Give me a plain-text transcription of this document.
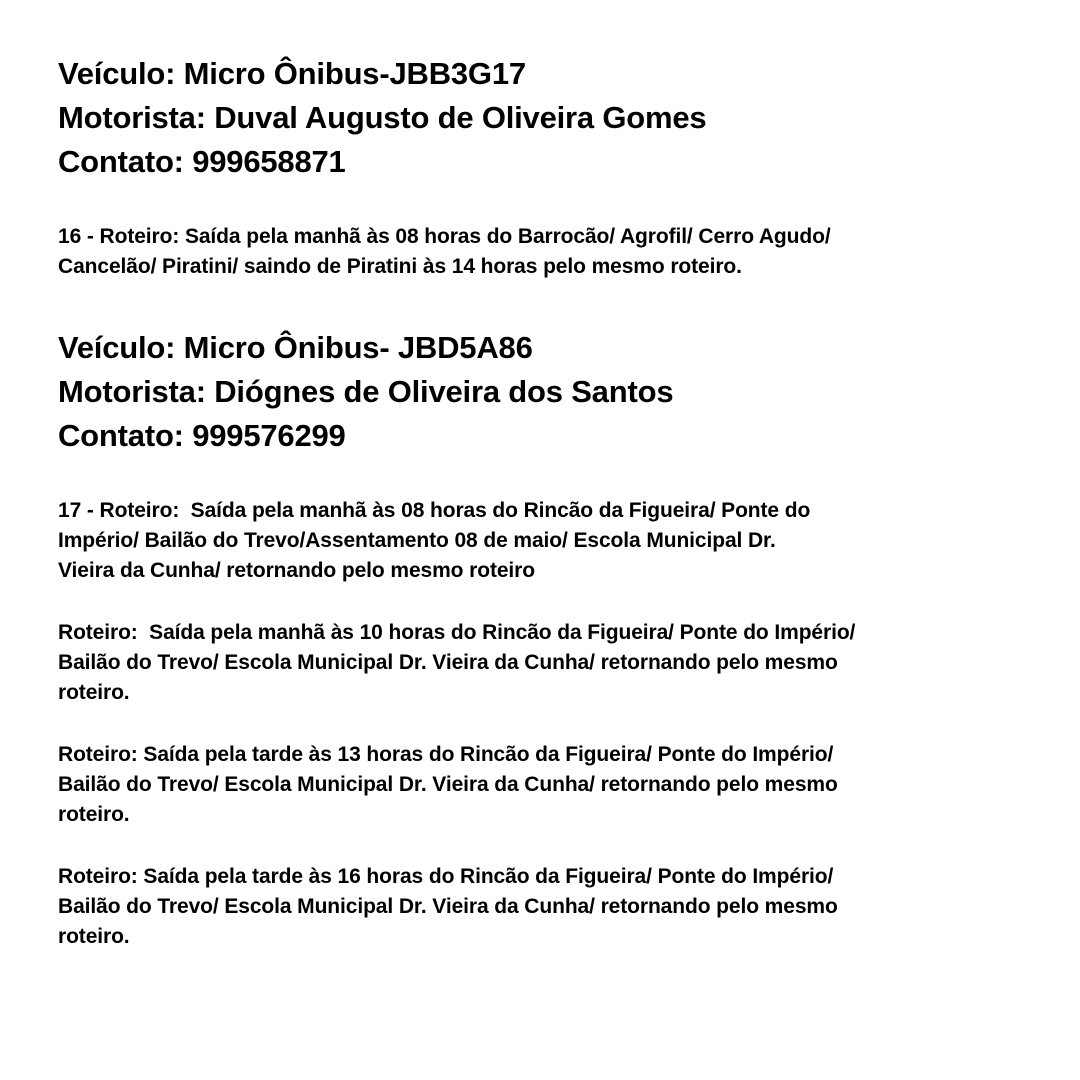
Veículo: Micro Ônibus-JBB3G17
Motorista: Duval Augusto de Oliveira Gomes
Contato: 999658871
16 - Roteiro: Saída pela manhã às 08 horas do Barrocão/ Agrofil/ Cerro Agudo/
Cancelão/ Piratini/ saindo de Piratini às 14 horas pelo mesmo roteiro.
Veículo: Micro Ônibus- JBD5A86
Motorista: Diógnes de Oliveira dos Santos
Contato: 999576299
17 - Roteiro:  Saída pela manhã às 08 horas do Rincão da Figueira/ Ponte do
Império/ Bailão do Trevo/Assentamento 08 de maio/ Escola Municipal Dr.
Vieira da Cunha/ retornando pelo mesmo roteiro
Roteiro:  Saída pela manhã às 10 horas do Rincão da Figueira/ Ponte do Império/
Bailão do Trevo/ Escola Municipal Dr. Vieira da Cunha/ retornando pelo mesmo
roteiro.
Roteiro: Saída pela tarde às 13 horas do Rincão da Figueira/ Ponte do Império/
Bailão do Trevo/ Escola Municipal Dr. Vieira da Cunha/ retornando pelo mesmo
roteiro.
Roteiro: Saída pela tarde às 16 horas do Rincão da Figueira/ Ponte do Império/
Bailão do Trevo/ Escola Municipal Dr. Vieira da Cunha/ retornando pelo mesmo
roteiro.
